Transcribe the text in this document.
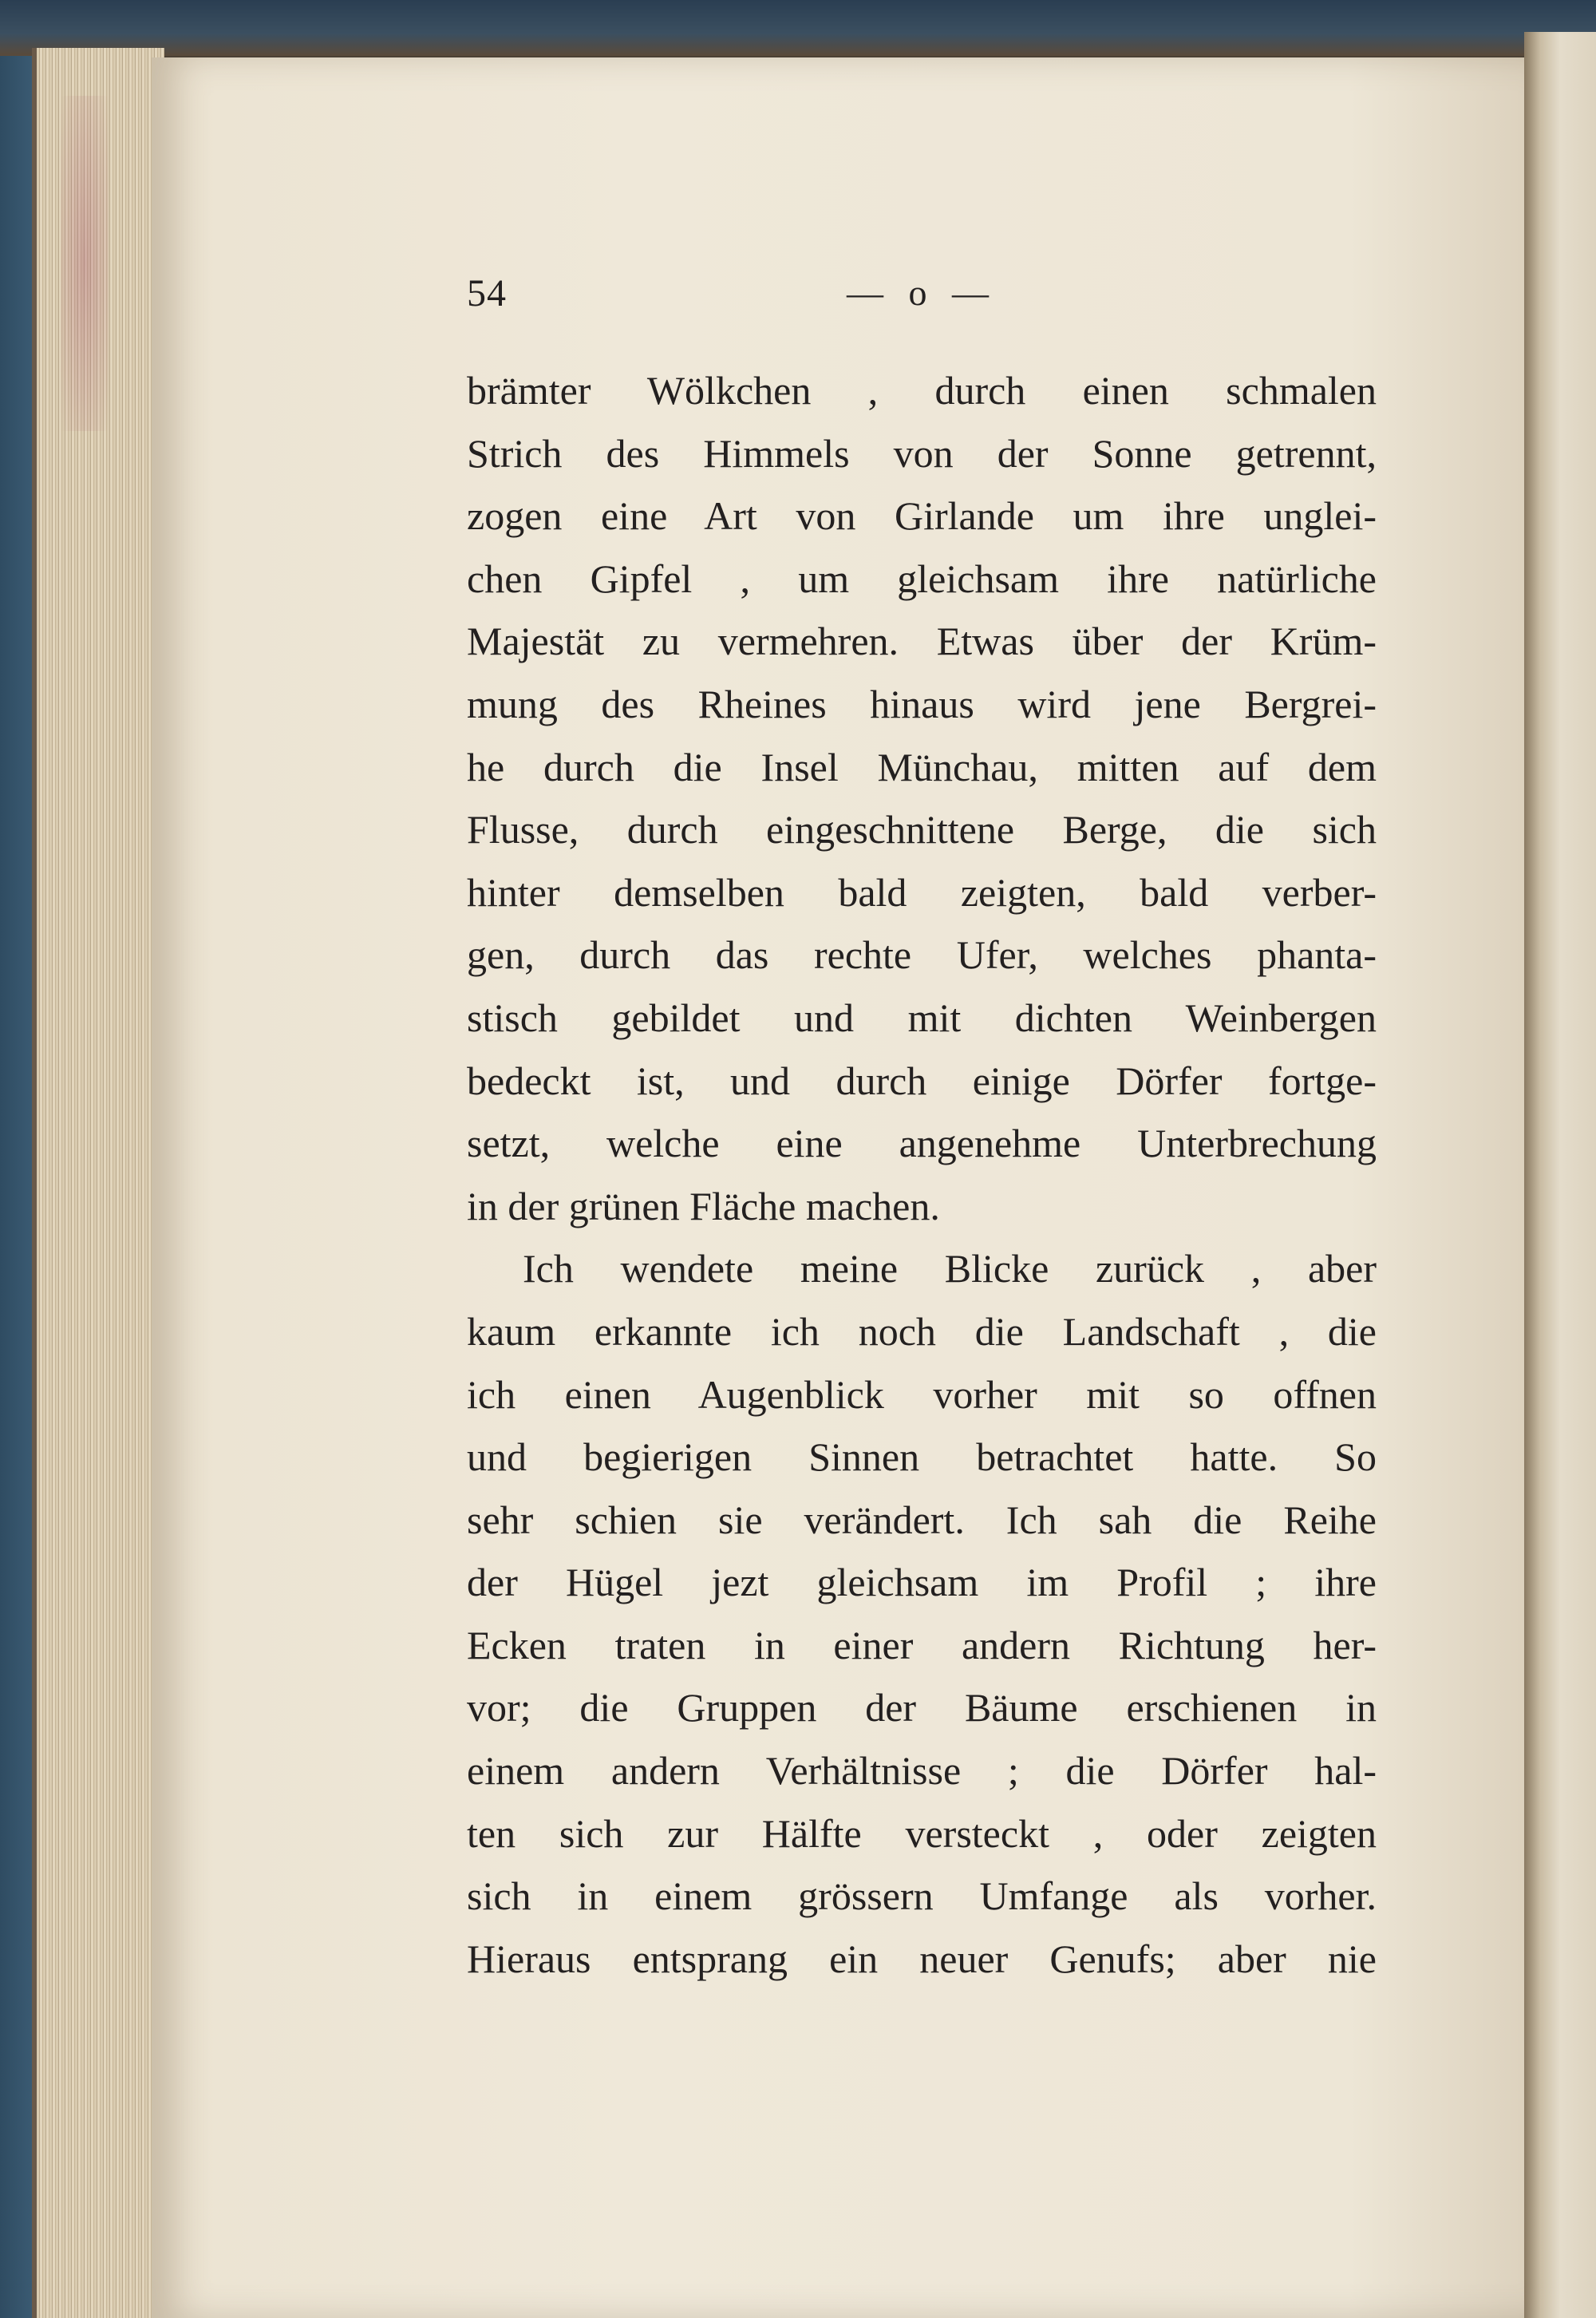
54	— o —
brämter Wölkchen , durch einen schmalen
Strich des Himmels von der Sonne getrennt,
zogen eine Art von Girlande um ihre unglei-
chen Gipfel , um gleichsam ihre natürliche
Majestät zu vermehren. Etwas über der Krüm-
mung des Rheines hinaus wird jene Bergrei-
he durch die Insel Münchau, mitten auf dem
Flusse, durch eingeschnittene Berge, die sich
hinter demselben bald zeigten, bald verber-
gen, durch das rechte Ufer, welches phanta-
stisch gebildet und mit dichten Weinbergen
bedeckt ist, und durch einige Dörfer fortge-
setzt, welche eine angenehme Unterbrechung
in der grünen Fläche machen.
Ich wendete meine Blicke zurück , aber
kaum erkannte ich noch die Landschaft , die
ich einen Augenblick vorher mit so offnen
und begierigen Sinnen betrachtet hatte. So
sehr schien sie verändert. Ich sah die Reihe
der Hügel jezt gleichsam im Profil ; ihre
Ecken traten in einer andern Richtung her-
vor; die Gruppen der Bäume erschienen in
einem andern Verhältnisse ; die Dörfer hal-
ten sich zur Hälfte versteckt , oder zeigten
sich in einem grössern Umfange als vorher.
Hieraus entsprang ein neuer Genufs; aber nie
